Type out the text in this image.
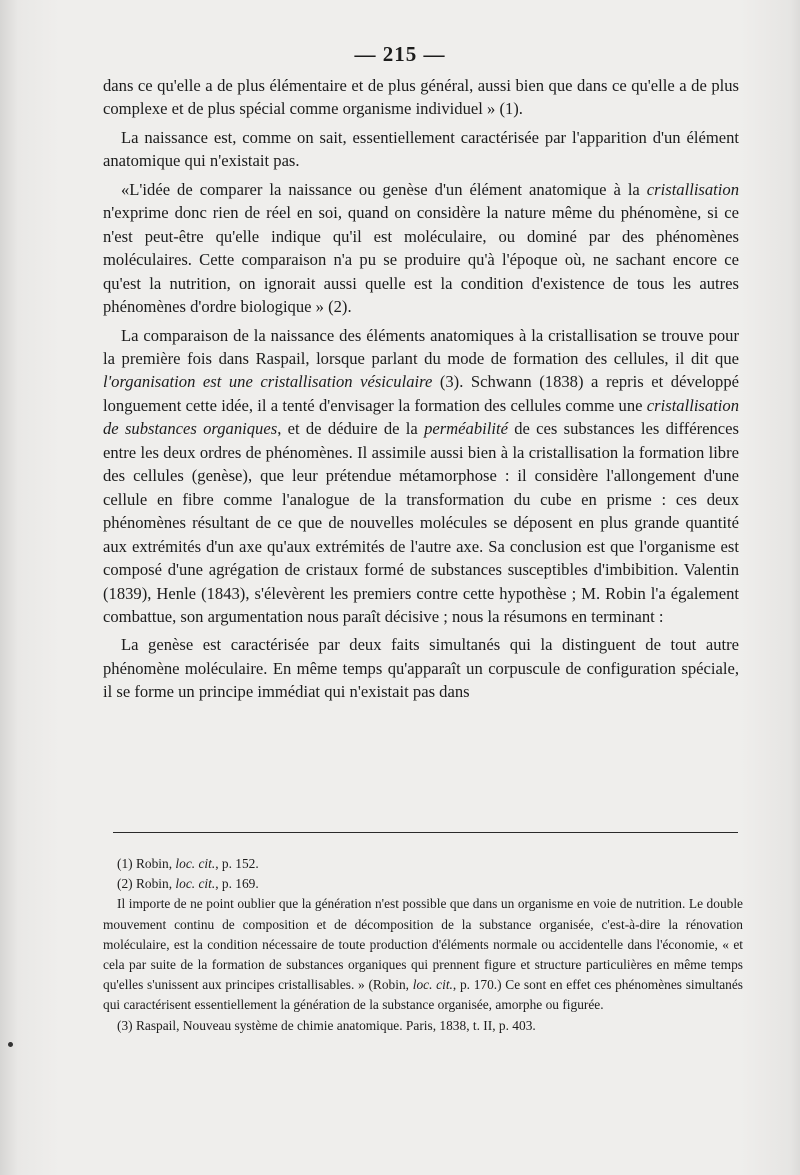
— 215 —

dans ce qu'elle a de plus élémentaire et de plus général, aussi bien que dans ce qu'elle a de plus complexe et de plus spécial comme organisme individuel » (1).

La naissance est, comme on sait, essentiellement caractérisée par l'apparition d'un élément anatomique qui n'existait pas.

«L'idée de comparer la naissance ou genèse d'un élément anatomique à la cristallisation n'exprime donc rien de réel en soi, quand on considère la nature même du phénomène, si ce n'est peut-être qu'elle indique qu'il est moléculaire, ou dominé par des phénomènes moléculaires. Cette comparaison n'a pu se produire qu'à l'époque où, ne sachant encore ce qu'est la nutrition, on ignorait aussi quelle est la condition d'existence de tous les autres phénomènes d'ordre biologique » (2).

La comparaison de la naissance des éléments anatomiques à la cristallisation se trouve pour la première fois dans Raspail, lorsque parlant du mode de formation des cellules, il dit que l'organisation est une cristallisation vésiculaire (3). Schwann (1838) a repris et développé longuement cette idée, il a tenté d'envisager la formation des cellules comme une cristallisation de substances organiques, et de déduire de la perméabilité de ces substances les différences entre les deux ordres de phénomènes. Il assimile aussi bien à la cristallisation la formation libre des cellules (genèse), que leur prétendue métamorphose : il considère l'allongement d'une cellule en fibre comme l'analogue de la transformation du cube en prisme : ces deux phénomènes résultant de ce que de nouvelles molécules se déposent en plus grande quantité aux extrémités d'un axe qu'aux extrémités de l'autre axe. Sa conclusion est que l'organisme est composé d'une agrégation de cristaux formé de substances susceptibles d'imbibition. Valentin (1839), Henle (1843), s'élevèrent les premiers contre cette hypothèse ; M. Robin l'a également combattue, son argumentation nous paraît décisive ; nous la résumons en terminant :

La genèse est caractérisée par deux faits simultanés qui la distinguent de tout autre phénomène moléculaire. En même temps qu'apparaît un corpuscule de configuration spéciale, il se forme un principe immédiat qui n'existait pas dans

(1) Robin, loc. cit., p. 152.

(2) Robin, loc. cit., p. 169.

Il importe de ne point oublier que la génération n'est possible que dans un organisme en voie de nutrition. Le double mouvement continu de composition et de décomposition de la substance organisée, c'est-à-dire la rénovation moléculaire, est la condition nécessaire de toute production d'éléments normale ou accidentelle dans l'économie, « et cela par suite de la formation de substances organiques qui prennent figure et structure particulières en même temps qu'elles s'unissent aux principes cristallisables. » (Robin, loc. cit., p. 170.) Ce sont en effet ces phénomènes simultanés qui caractérisent essentiellement la génération de la substance organisée, amorphe ou figurée.

(3) Raspail, Nouveau système de chimie anatomique. Paris, 1838, t. II, p. 403.
